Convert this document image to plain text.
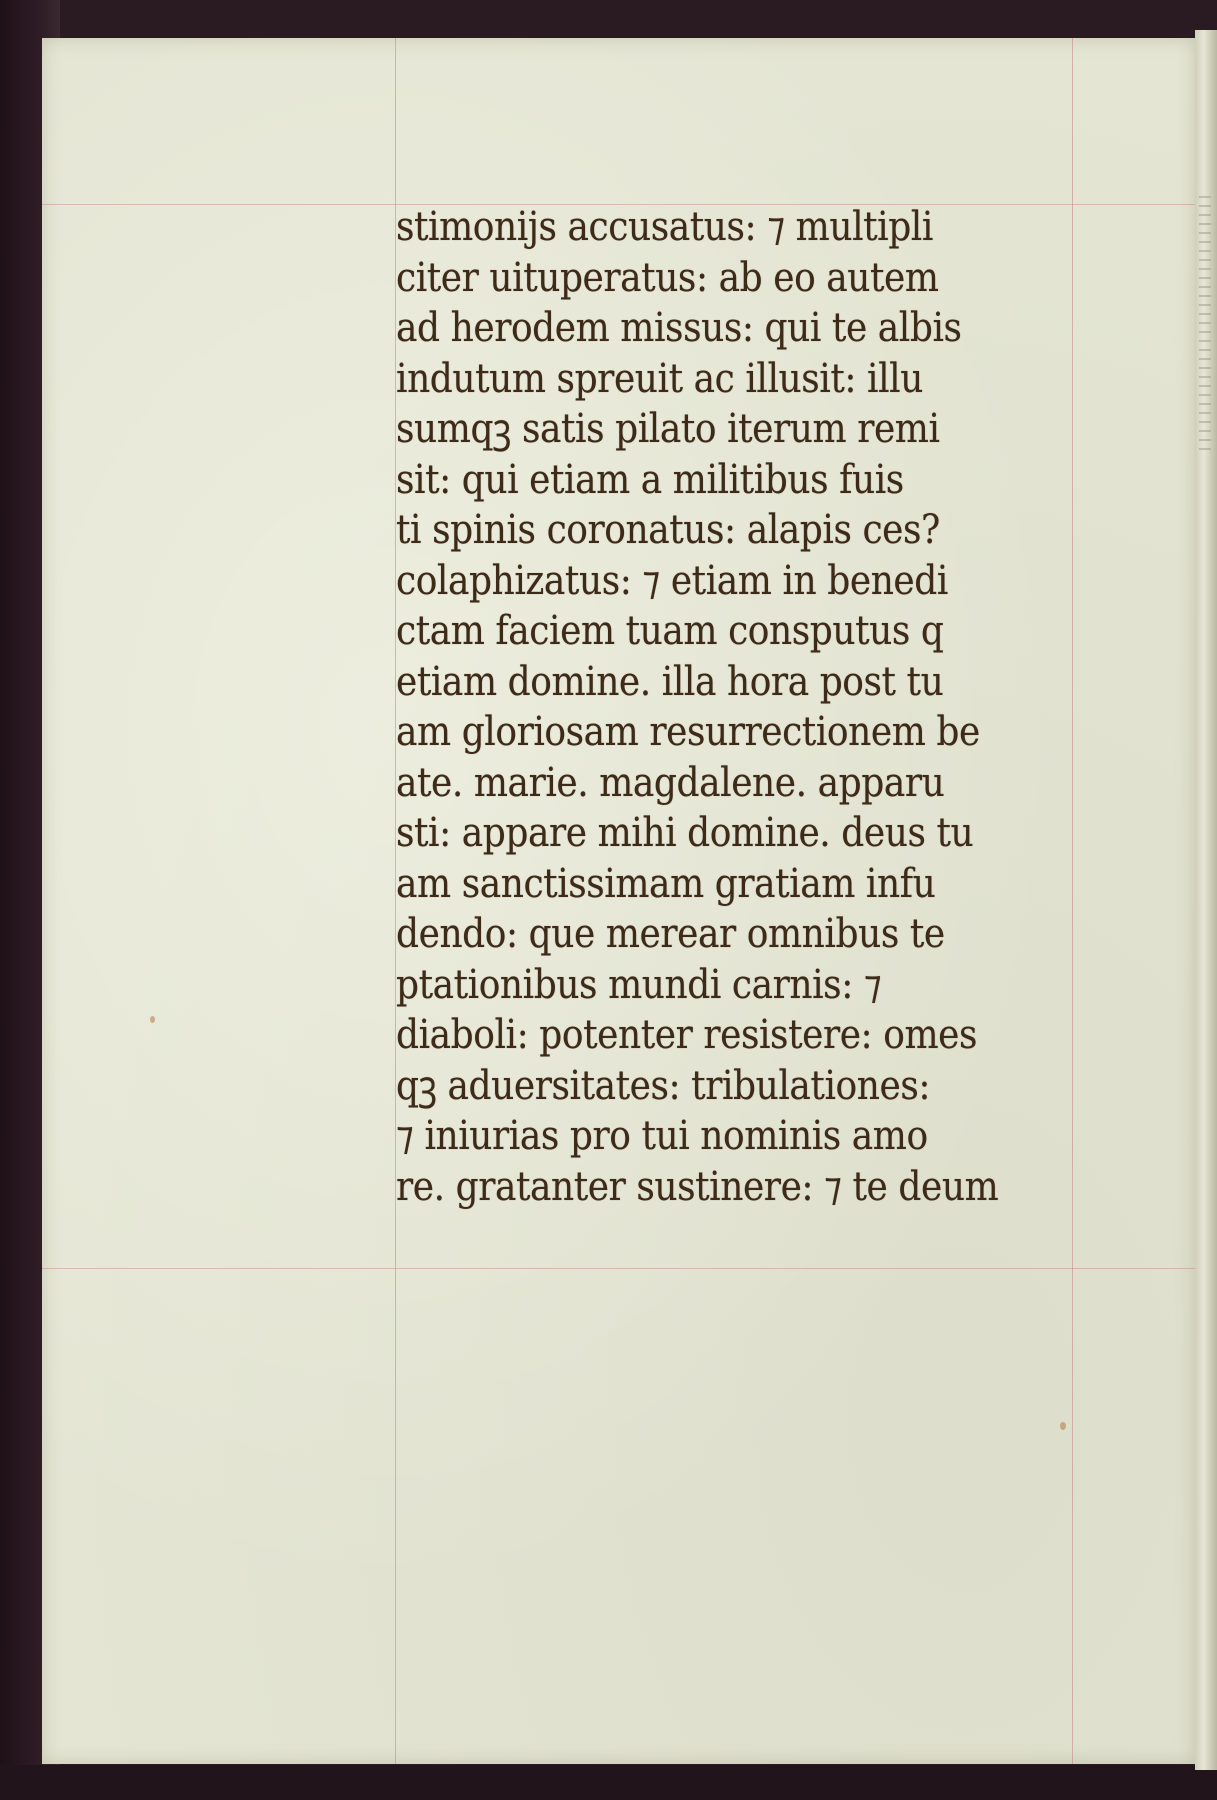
stimonijs accusatus: ⁊ multipli
citer uituperatus: ab eo autem
ad herodem missus: qui te albis
indutum spreuit ac illusit: illu
sumqꝫ satis pilato iterum remi
sit: qui etiam a militibus fuis
ti spinis coronatus: alapis ces?
colaphizatus: ⁊ etiam in benedi
ctam faciem tuam consputus q
etiam domine. illa hora post tu
am gloriosam resurrectionem be
ate. marie. magdalene. apparu
sti: appare mihi domine. deus tu
am sanctissimam gratiam infu
dendo: que merear omnibus te
ptationibus mundi carnis: ⁊
diaboli: potenter resistere: omes
qꝫ aduersitates: tribulationes:
⁊ iniurias pro tui nominis amo
re. gratanter sustinere: ⁊ te deum
